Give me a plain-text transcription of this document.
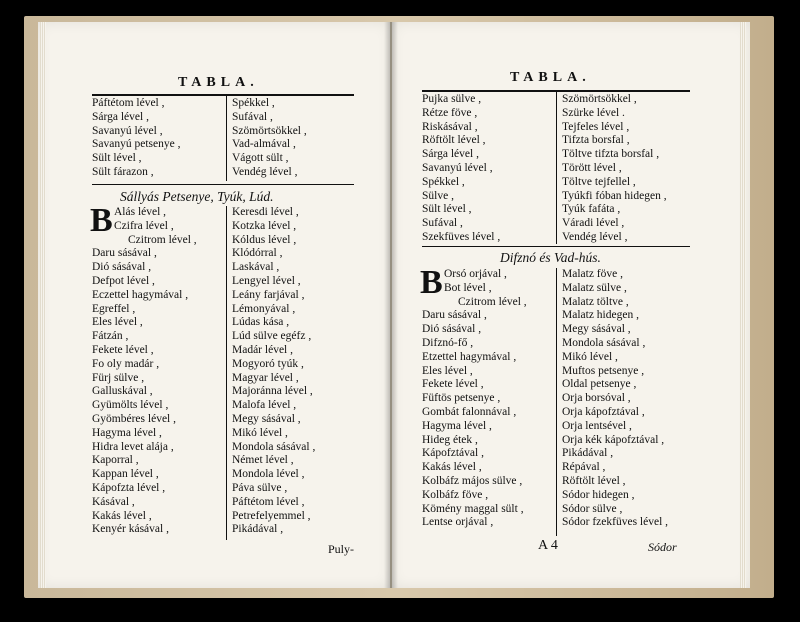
TABLA.
Páftétom lével ,
Sárga lével ,
Savanyú lével ,
Savanyú petsenye ,
Sült lével ,
Sült fárazon ,
Spékkel ,
Sufával ,
Szömörtsökkel ,
Vad-almával ,
Vágott sült ,
Vendég lével ,
Sállyás Petsenye, Tyúk, Lúd.
B Alás lével ,
Czifra lével ,
Czitrom lével ,
Daru sásával ,
Dió sásával ,
Defpot lével ,
Eczettel hagymával ,
Egreffel ,
Eles lével ,
Fátzán ,
Fekete lével ,
Fo oly madár ,
Fürj sülve ,
Galluskával ,
Gyümölts lével ,
Gyömbéres lével ,
Hagyma lével ,
Hidra levet alája ,
Kaporral ,
Kappan lével ,
Kápofzta lével ,
Kásával ,
Kakás lével ,
Kenyér kásával ,
Keresdi lével ,
Kotzka lével ,
Kóldus lével ,
Klódórral ,
Laskával ,
Lengyel lével ,
Leány farjával ,
Lémonyával ,
Lúdas kása ,
Lúd sülve egéfz ,
Madár lével ,
Mogyoró tyúk ,
Magyar lével ,
Majoránna lével ,
Malofa lével ,
Megy sásával ,
Mikó lével ,
Mondola sásával ,
Német lével ,
Mondola lével ,
Páva sülve ,
Páftétom lével ,
Petrefelyemmel ,
Pikádával ,
Puly-
TABLA.
Pujka sülve ,
Rétze föve ,
Riskásával ,
Röftölt lével ,
Sárga lével ,
Savanyú lével ,
Spékkel ,
Sülve ,
Sült lével ,
Sufával ,
Szekfüves lével ,
Szömörtsökkel ,
Szürke lével .
Tejfeles lével ,
Tifzta borsfal ,
Töltve tifzta borsfal ,
Törött lével ,
Töltve tejfellel ,
Tyúkfi fóban hidegen ,
Tyúk fafáta ,
Váradi lével ,
Vendég lével ,
Difznó és Vad-hús.
B Orsó orjával ,
Bot lével ,
Czitrom lével ,
Daru sásával ,
Dió sásával ,
Difznó-fő ,
Etzettel hagymával ,
Eles lével ,
Fekete lével ,
Füftös petsenye ,
Gombát falonnával ,
Hagyma lével ,
Hideg étek ,
Kápofztával ,
Kakás lével ,
Kolbáfz májos sülve ,
Kolbáfz föve ,
Kömény maggal sült ,
Lentse orjával ,
Malatz föve ,
Malatz sülve ,
Malatz töltve ,
Malatz hidegen ,
Megy sásával ,
Mondola sásával ,
Mikó lével ,
Muftos petsenye ,
Oldal petsenye ,
Orja borsóval ,
Orja kápofztával ,
Orja lentsével ,
Orja kék kápofztával ,
Pikádával ,
Répával ,
Röftölt lével ,
Sódor hidegen ,
Sódor sülve ,
Sódor fzekfüves lével ,
A 4	Sódor
